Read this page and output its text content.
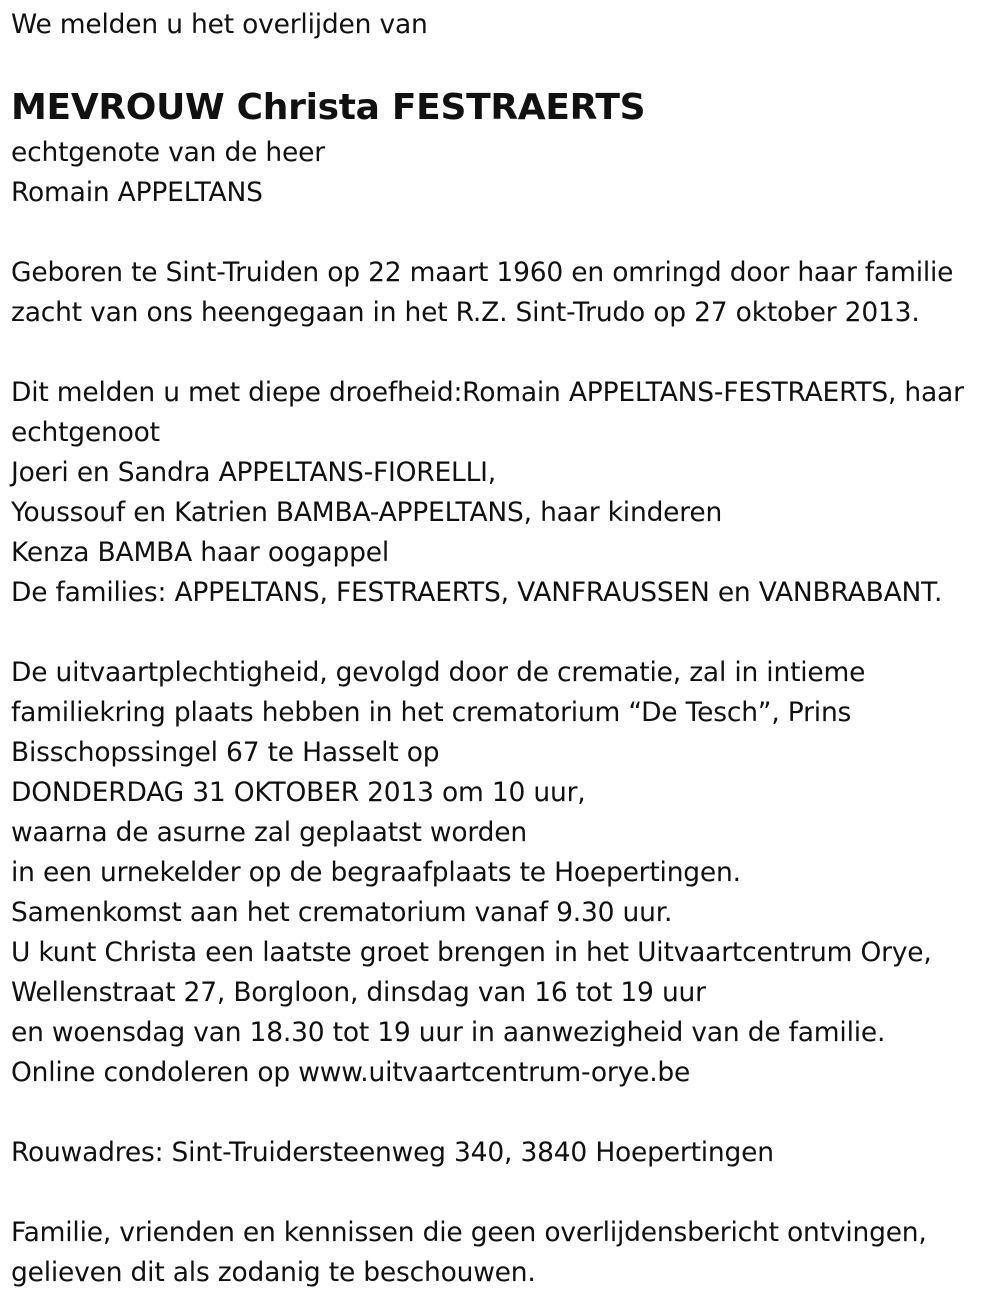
We melden u het overlijden van
MEVROUW Christa FESTRAERTS
echtgenote van de heer
Romain APPELTANS
Geboren te Sint-Truiden op 22 maart 1960 en omringd door haar familie
zacht van ons heengegaan in het R.Z. Sint-Trudo op 27 oktober 2013.
Dit melden u met diepe droefheid:Romain APPELTANS-FESTRAERTS, haar
echtgenoot
Joeri en Sandra APPELTANS-FIORELLI,
Youssouf en Katrien BAMBA-APPELTANS, haar kinderen
Kenza BAMBA haar oogappel
De families: APPELTANS, FESTRAERTS, VANFRAUSSEN en VANBRABANT.
De uitvaartplechtigheid, gevolgd door de crematie, zal in intieme
familiekring plaats hebben in het crematorium “De Tesch”, Prins
Bisschopssingel 67 te Hasselt op
DONDERDAG 31 OKTOBER 2013 om 10 uur,
waarna de asurne zal geplaatst worden
in een urnekelder op de begraafplaats te Hoepertingen.
Samenkomst aan het crematorium vanaf 9.30 uur.
U kunt Christa een laatste groet brengen in het Uitvaartcentrum Orye,
Wellenstraat 27, Borgloon, dinsdag van 16 tot 19 uur
en woensdag van 18.30 tot 19 uur in aanwezigheid van de familie.
Online condoleren op www.uitvaartcentrum-orye.be
Rouwadres: Sint-Truidersteenweg 340, 3840 Hoepertingen
Familie, vrienden en kennissen die geen overlijdensbericht ontvingen,
gelieven dit als zodanig te beschouwen.
